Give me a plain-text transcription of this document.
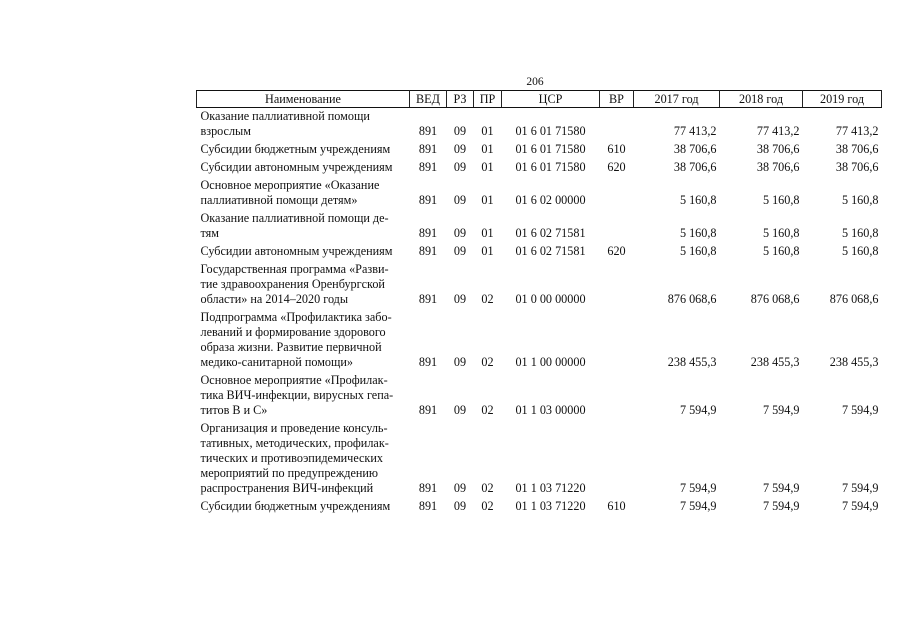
206
Наименование	ВЕД	РЗ	ПР	ЦСР	ВР	2017 год	2018 год	2019 год

Оказание паллиативной помощи
взрослым	891	09	01	01 6 01 71580		77 413,2	77 413,2	77 413,2

Субсидии бюджетным учреждениям	891	09	01	01 6 01 71580	610	38 706,6	38 706,6	38 706,6

Субсидии автономным учреждениям	891	09	01	01 6 01 71580	620	38 706,6	38 706,6	38 706,6

Основное мероприятие «Оказание
паллиативной помощи детям»	891	09	01	01 6 02 00000		5 160,8	5 160,8	5 160,8

Оказание паллиативной помощи де-
тям	891	09	01	01 6 02 71581		5 160,8	5 160,8	5 160,8

Субсидии автономным учреждениям	891	09	01	01 6 02 71581	620	5 160,8	5 160,8	5 160,8

Государственная программа «Разви-
тие здравоохранения Оренбургской
области» на 2014–2020 годы	891	09	02	01 0 00 00000		876 068,6	876 068,6	876 068,6

Подпрограмма «Профилактика забо-
леваний и формирование здорового
образа жизни. Развитие первичной
медико-санитарной помощи»	891	09	02	01 1 00 00000		238 455,3	238 455,3	238 455,3

Основное мероприятие «Профилак-
тика ВИЧ-инфекции, вирусных гепа-
титов В и С»	891	09	02	01 1 03 00000		7 594,9	7 594,9	7 594,9

Организация и проведение консуль-
тативных, методических, профилак-
тических и противоэпидемических
мероприятий по предупреждению
распространения ВИЧ-инфекций	891	09	02	01 1 03 71220		7 594,9	7 594,9	7 594,9

Субсидии бюджетным учреждениям	891	09	02	01 1 03 71220	610	7 594,9	7 594,9	7 594,9
